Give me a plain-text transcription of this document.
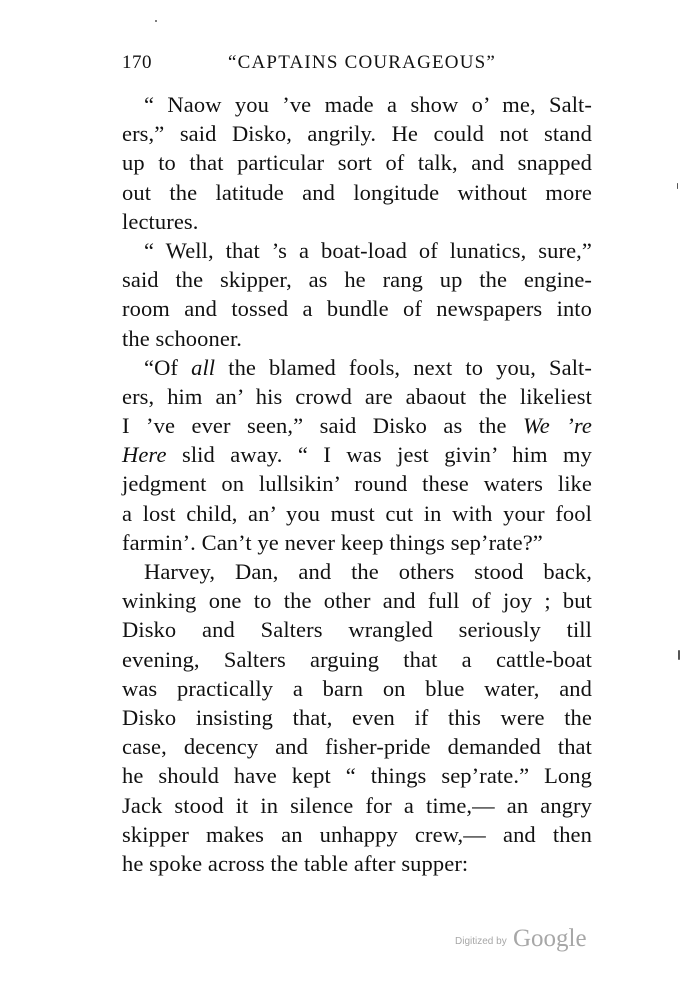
170	“CAPTAINS COURAGEOUS”
“ Naow you ’ve made a show o’ me, Salt-
ers,” said Disko, angrily. He could not stand
up to that particular sort of talk, and snapped
out the latitude and longitude without more
lectures.
“ Well, that ’s a boat-load of lunatics, sure,”
said the skipper, as he rang up the engine-
room and tossed a bundle of newspapers into
the schooner.
“Of all the blamed fools, next to you, Salt-
ers, him an’ his crowd are abaout the likeliest
I ’ve ever seen,” said Disko as the We ’re
Here slid away. “ I was jest givin’ him my
jedgment on lullsikin’ round these waters like
a lost child, an’ you must cut in with your fool
farmin’. Can’t ye never keep things sep’rate?”
Harvey, Dan, and the others stood back,
winking one to the other and full of joy ; but
Disko and Salters wrangled seriously till
evening, Salters arguing that a cattle-boat
was practically a barn on blue water, and
Disko insisting that, even if this were the
case, decency and fisher-pride demanded that
he should have kept “ things sep’rate.” Long
Jack stood it in silence for a time,— an angry
skipper makes an unhappy crew,— and then
he spoke across the table after supper:
Digitized by Google
